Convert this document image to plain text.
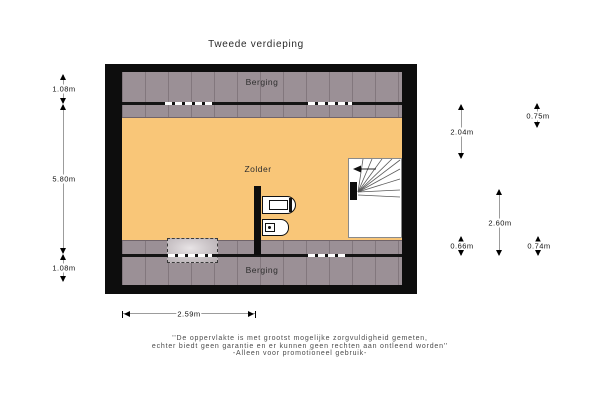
Tweede verdieping
Berging
Zolder
Berging
1.08m
5.80m
1.08m
2.04m
0.75m
2.60m
0.66m	0.74m
2.59m
''De oppervlakte is met grootst mogelijke zorgvuldigheid gemeten,
echter biedt geen garantie en er kunnen geen rechten aan ontleend worden''
-Alleen voor promotioneel gebruik-
